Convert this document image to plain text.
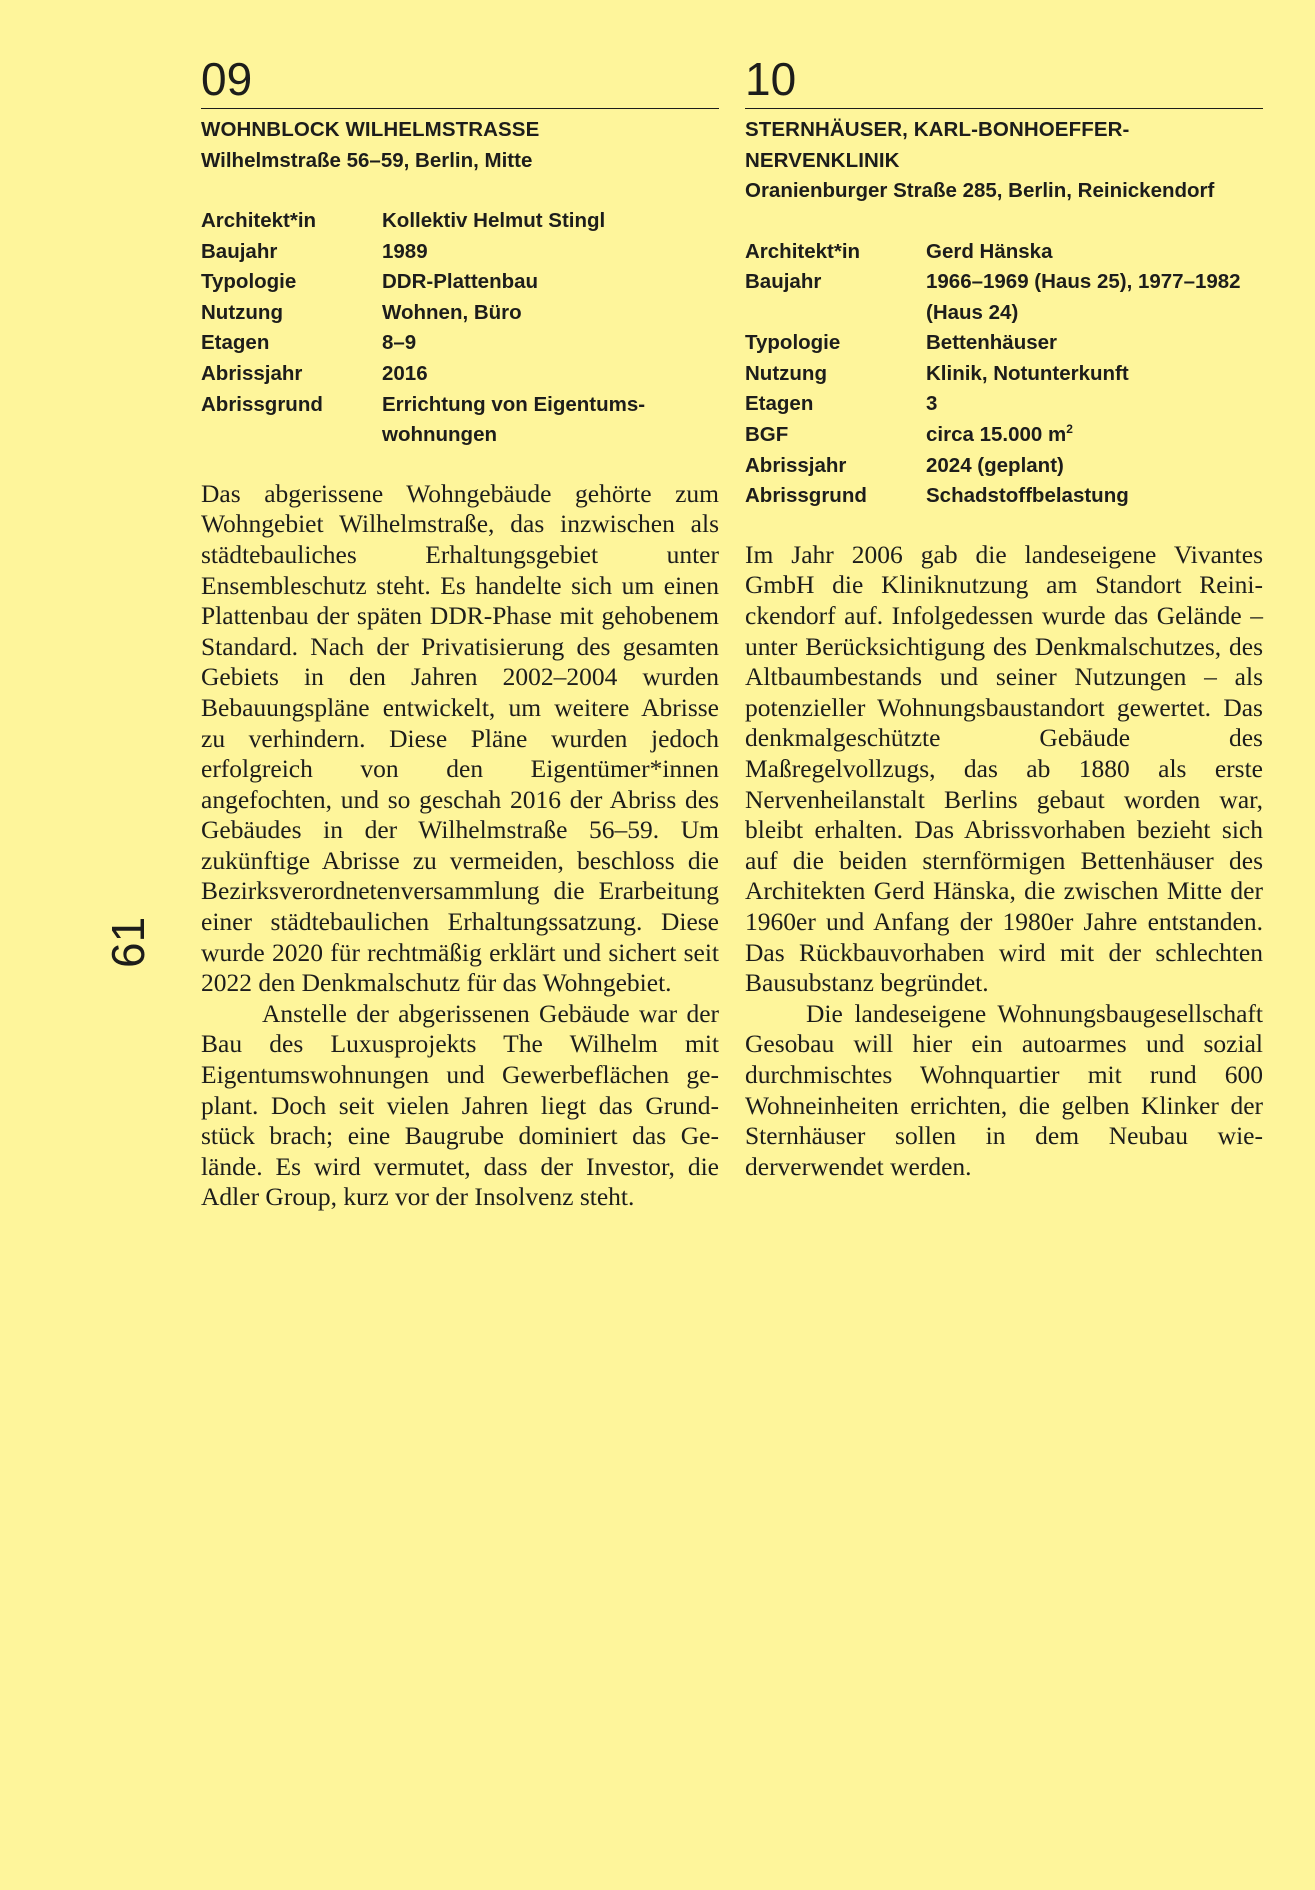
61
09
WOHNBLOCK WILHELMSTRASSE
Wilhelmstraße 56–59, Berlin, Mitte
Architekt*in	Kollektiv Helmut Stingl
Baujahr	1989
Typologie	DDR-Plattenbau
Nutzung	Wohnen, Büro
Etagen	8–9
Abrissjahr	2016
Abrissgrund	Errichtung von Eigentumswohnungen

Das abgerissene Wohngebäude gehörte zum Wohngebiet Wilhelmstraße, das inzwischen als städtebauliches Erhaltungsgebiet unter Ensembleschutz steht. Es handelte sich um einen Plattenbau der späten DDR-Phase mit gehobenem Standard. Nach der Privatisierung des gesamten Gebiets in den Jahren 2002–2004 wurden Bebauungspläne entwickelt, um weitere Abrisse zu verhindern. Diese Pläne wurden jedoch erfolgreich von den Eigentümer*innen angefochten, und so geschah 2016 der Abriss des Gebäudes in der Wilhelmstraße 56–59. Um zukünftige Abrisse zu vermeiden, beschloss die Bezirksverordnetenversammlung die Erarbeitung einer städtebaulichen Erhaltungssatzung. Diese wurde 2020 für rechtmäßig erklärt und sichert seit 2022 den Denkmalschutz für das Wohngebiet.

Anstelle der abgerissenen Gebäude war der Bau des Luxusprojekts The Wilhelm mit Eigentumswohnungen und Gewerbeflächen geplant. Doch seit vielen Jahren liegt das Grundstück brach; eine Baugrube dominiert das Gelände. Es wird vermutet, dass der Investor, die Adler Group, kurz vor der Insolvenz steht.

10
STERNHÄUSER, KARL-BONHOEFFER-NERVENKLINIK
Oranienburger Straße 285, Berlin, Reinickendorf
Architekt*in	Gerd Hänska
Baujahr	1966–1969 (Haus 25), 1977–1982 (Haus 24)
Typologie	Bettenhäuser
Nutzung	Klinik, Notunterkunft
Etagen	3
BGF	circa 15.000 $m^2$
Abrissjahr	2024 (geplant)
Abrissgrund	Schadstoffbelastung

Im Jahr 2006 gab die landeseigene Vivantes GmbH die Kliniknutzung am Standort Reinickendorf auf. Infolgedessen wurde das Gelände – unter Berücksichtigung des Denkmalschutzes, des Altbaumbestands und seiner Nutzungen – als potenzieller Wohnungsbaustandort gewertet. Das denkmalgeschützte Gebäude des Maßregelvollzugs, das ab 1880 als erste Nervenheilanstalt Berlins gebaut worden war, bleibt erhalten. Das Abrissvorhaben bezieht sich auf die beiden sternförmigen Bettenhäuser des Architekten Gerd Hänska, die zwischen Mitte der 1960er und Anfang der 1980er Jahre entstanden. Das Rückbauvorhaben wird mit der schlechten Bausubstanz begründet.

Die landeseigene Wohnungsbaugesellschaft Gesobau will hier ein autoarmes und sozial durchmischtes Wohnquartier mit rund 600 Wohneinheiten errichten, die gelben Klinker der Sternhäuser sollen in dem Neubau wiederverwendet werden.
